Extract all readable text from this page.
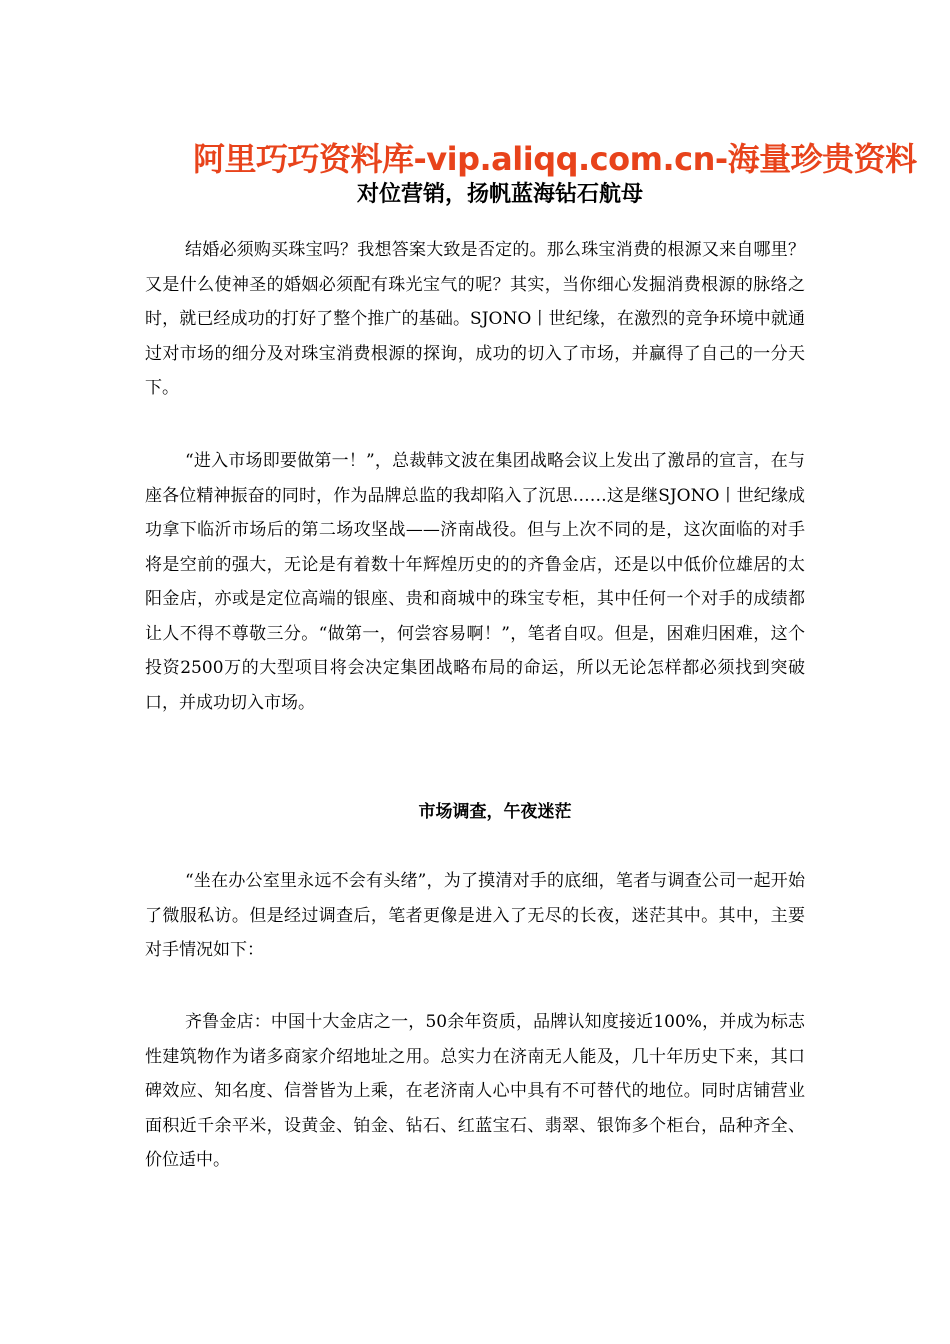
阿里巧巧资料库-vip.aliqq.com.cn-海量珍贵资料
对位营销，扬帆蓝海钻石航母

结婚必须购买珠宝吗？我想答案大致是否定的。那么珠宝消费的根源又来自哪里？又是什么使神圣的婚姻必须配有珠光宝气的呢？其实，当你细心发掘消费根源的脉络之时，就已经成功的打好了整个推广的基础。SJONO丨世纪缘，在激烈的竞争环境中就通过对市场的细分及对珠宝消费根源的探询，成功的切入了市场，并赢得了自己的一分天下。

“进入市场即要做第一！”，总裁韩文波在集团战略会议上发出了激昂的宣言，在与座各位精神振奋的同时，作为品牌总监的我却陷入了沉思……这是继SJONO丨世纪缘成功拿下临沂市场后的第二场攻坚战——济南战役。但与上次不同的是，这次面临的对手将是空前的强大，无论是有着数十年辉煌历史的的齐鲁金店，还是以中低价位雄居的太阳金店，亦或是定位高端的银座、贵和商城中的珠宝专柜，其中任何一个对手的成绩都让人不得不尊敬三分。“做第一，何尝容易啊！”，笔者自叹。但是，困难归困难，这个投资2500万的大型项目将会决定集团战略布局的命运，所以无论怎样都必须找到突破口，并成功切入市场。

市场调查，午夜迷茫

“坐在办公室里永远不会有头绪”，为了摸清对手的底细，笔者与调查公司一起开始了微服私访。但是经过调查后，笔者更像是进入了无尽的长夜，迷茫其中。其中，主要对手情况如下：

齐鲁金店：中国十大金店之一，50余年资质，品牌认知度接近100%，并成为标志性建筑物作为诸多商家介绍地址之用。总实力在济南无人能及，几十年历史下来，其口碑效应、知名度、信誉皆为上乘，在老济南人心中具有不可替代的地位。同时店铺营业面积近千余平米，设黄金、铂金、钻石、红蓝宝石、翡翠、银饰多个柜台，品种齐全、价位适中。
